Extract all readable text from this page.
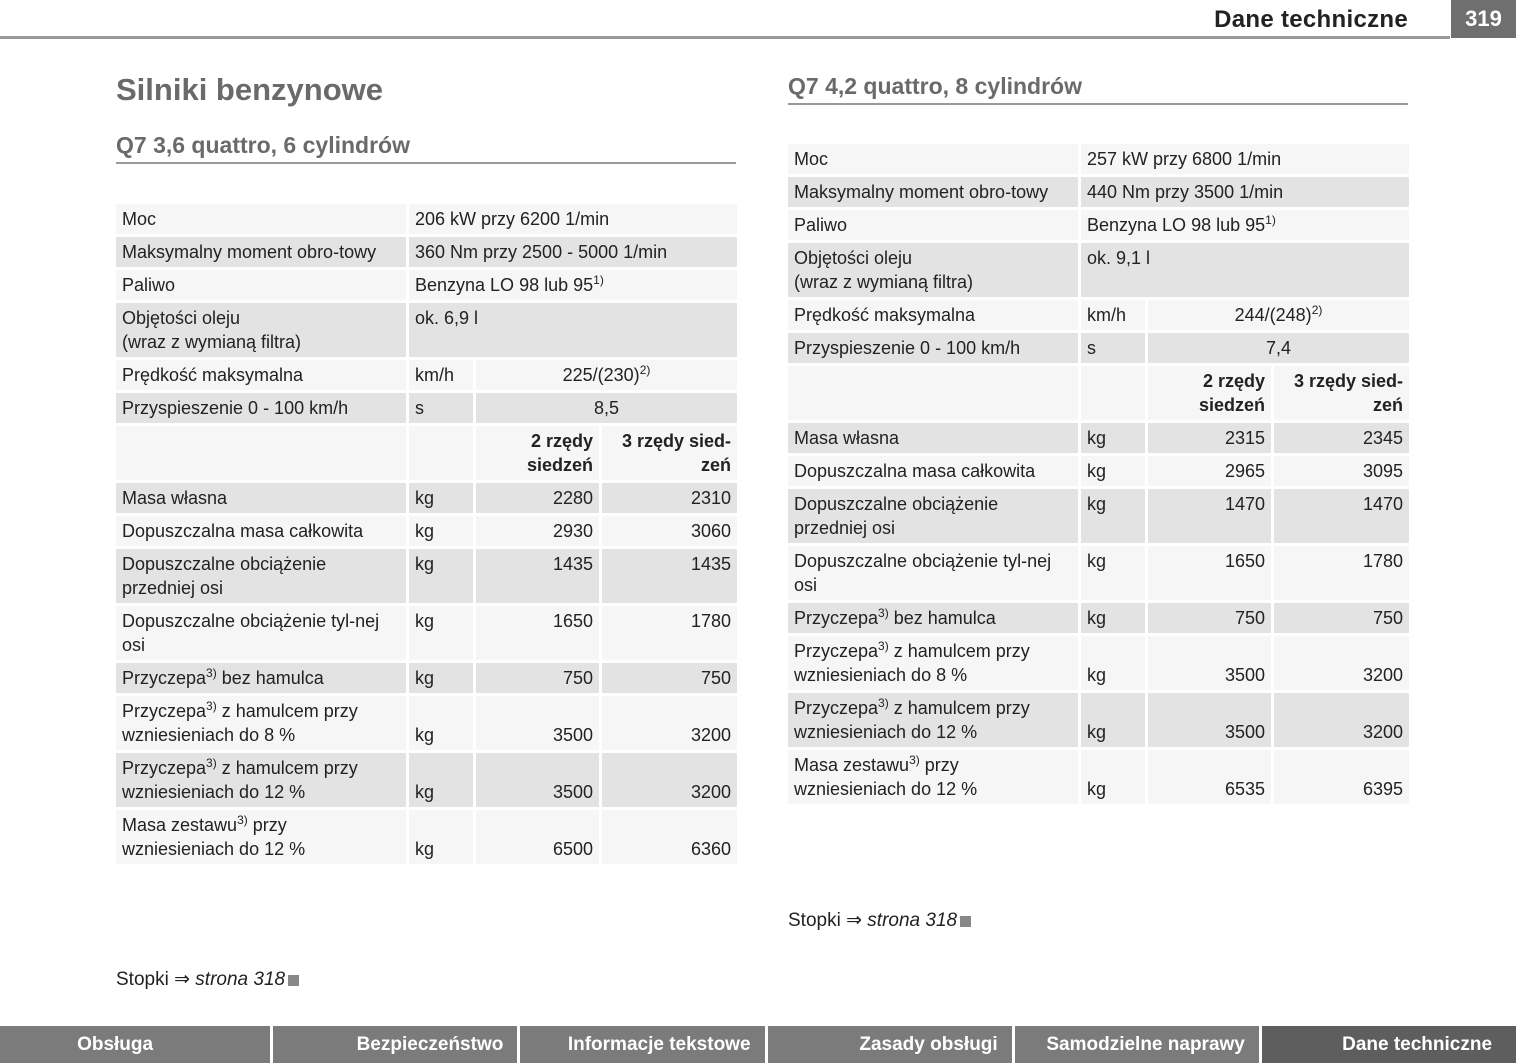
Dane techniczne	319
Silniki benzynowe
Q7 3,6 quattro, 6 cylindrów
Moc	206 kW przy 6200 1/min		
Maksymalny moment obro-towy	360 Nm przy 2500 - 5000 1/min		
Paliwo	Benzyna LO 98 lub 95$^{1)}$
Objętości oleju
(wraz z wymianą filtra)	ok. 6,9 l		
Prędkość maksymalna	km/h	$225/(230)^{2)}$
Przyspieszenie 0 - 100 km/h	s	8,5	
		2 rzędy siedzeń	3 rzędy sied-zeń
Masa własna	kg	2280	2310
Dopuszczalna masa całkowita	kg	2930	3060
Dopuszczalne obciążenie przedniej osi	kg	1435	1435
Dopuszczalne obciążenie tyl-nej osi	kg	1650	1780
Przyczepa$^{3)}$ bez hamulca	kg	750	750
Przyczepa$^{3)}$ z hamulcem przy wzniesieniach do 8 %	kg	3500	3200
Przyczepa$^{3)}$ z hamulcem przy wzniesieniach do 12 %	kg	3500	3200
Masa zestawu$^{3)}$ przy wzniesieniach do 12 %	kg	6500	6360
Stopki ⇒ strona 318
Q7 4,2 quattro, 8 cylindrów
Moc	257 kW przy 6800 1/min		
Maksymalny moment obro-towy	440 Nm przy 3500 1/min		
Paliwo	Benzyna LO 98 lub 95$^{1)}$
Objętości oleju
(wraz z wymianą filtra)	ok. 9,1 l		
Prędkość maksymalna	km/h	$244/(248)^{2)}$
Przyspieszenie 0 - 100 km/h	s	7,4	
		2 rzędy siedzeń	3 rzędy sied-zeń
Masa własna	kg	2315	2345
Dopuszczalna masa całkowita	kg	2965	3095
Dopuszczalne obciążenie przedniej osi	kg	1470	1470
Dopuszczalne obciążenie tyl-nej osi	kg	1650	1780
Przyczepa$^{3)}$ bez hamulca	kg	750	750
Przyczepa$^{3)}$ z hamulcem przy wzniesieniach do 8 %	kg	3500	3200
Przyczepa$^{3)}$ z hamulcem przy wzniesieniach do 12 %	kg	3500	3200
Masa zestawu$^{3)}$ przy wzniesieniach do 12 %	kg	6535	6395
Stopki ⇒ strona 318
Obsługa	Bezpieczeństwo	Informacje tekstowe	Zasady obsługi	Samodzielne naprawy	Dane techniczne
